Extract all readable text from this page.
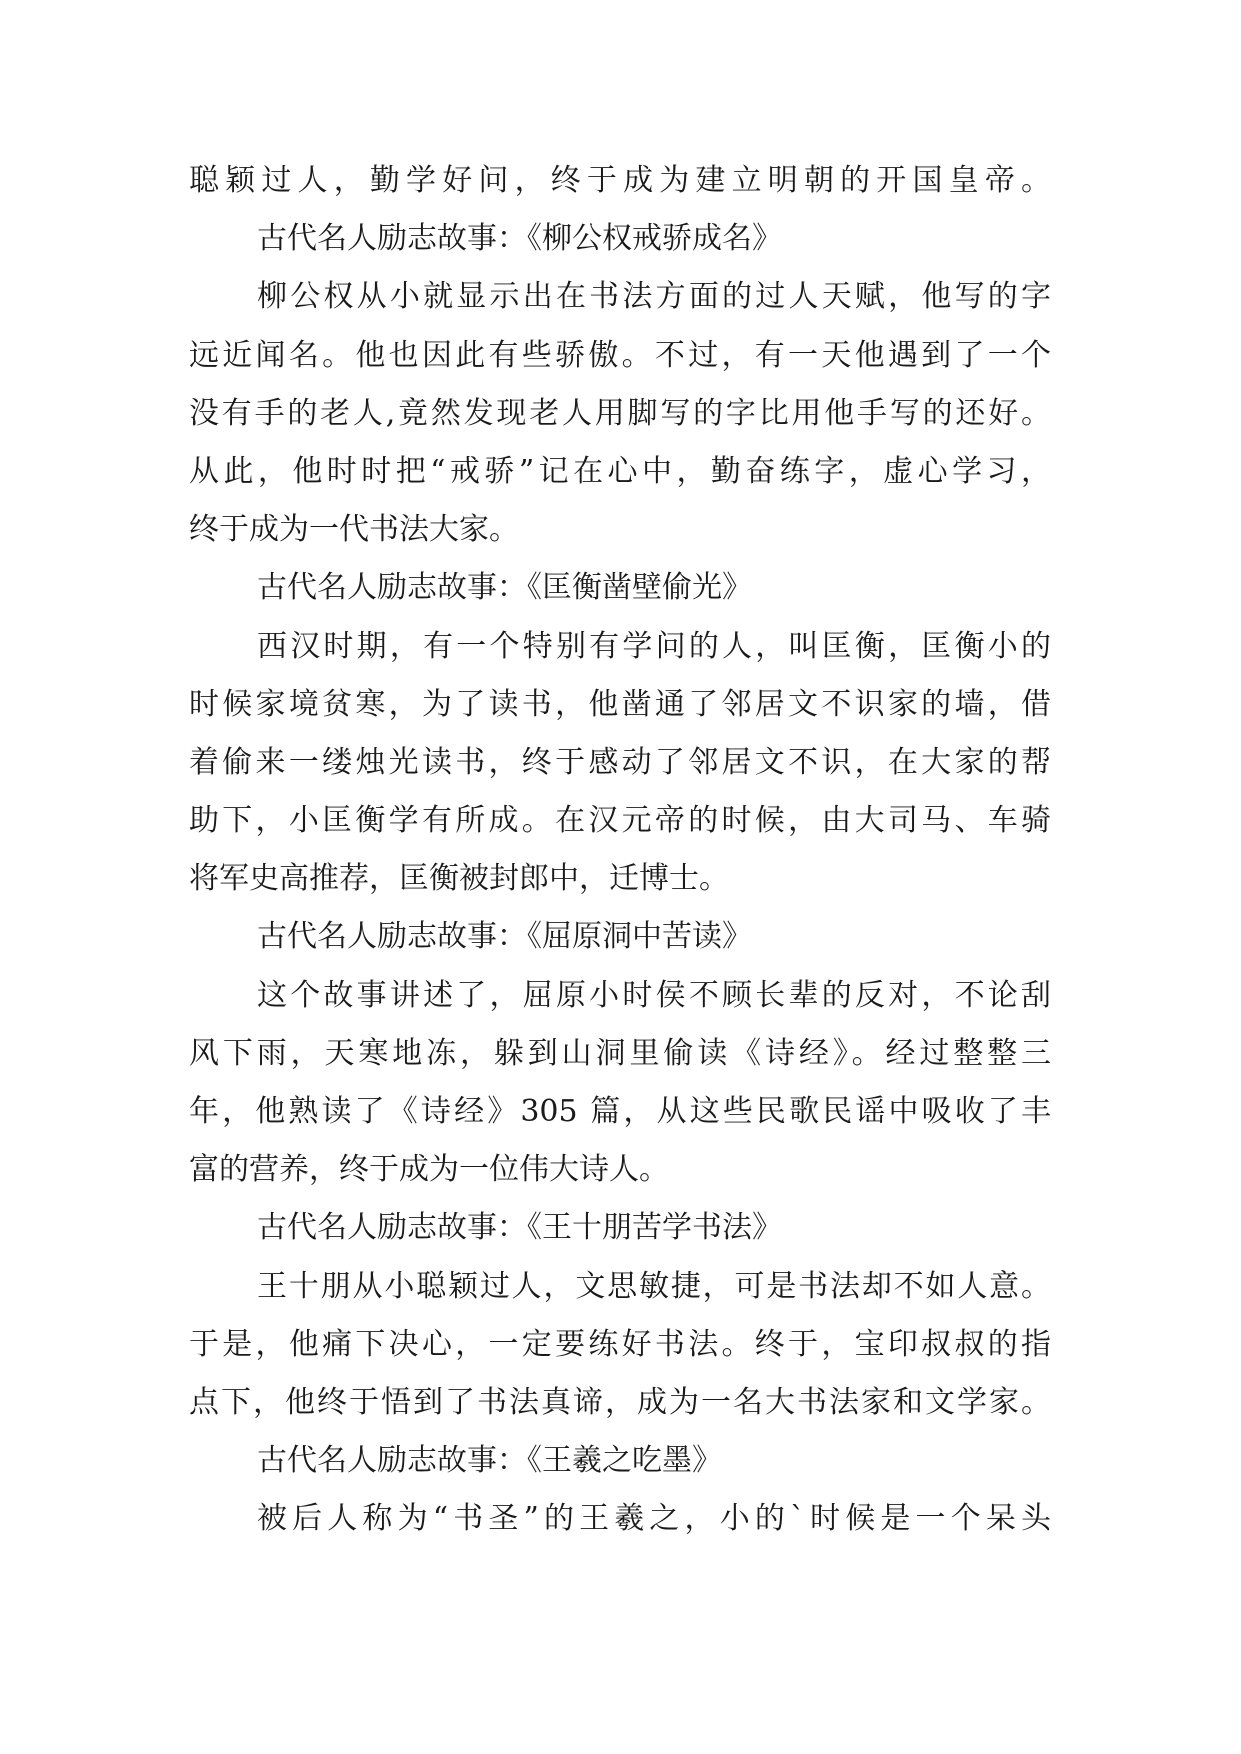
聪颖过人，勤学好问，终于成为建立明朝的开国皇帝。
古代名人励志故事：《柳公权戒骄成名》
柳公权从小就显示出在书法方面的过人天赋，他写的字
远近闻名。他也因此有些骄傲。不过，有一天他遇到了一个
没有手的老人,竟然发现老人用脚写的字比用他手写的还好。
从此，他时时把“戒骄”记在心中，勤奋练字，虚心学习，
终于成为一代书法大家。
古代名人励志故事：《匡衡凿壁偷光》
西汉时期，有一个特别有学问的人，叫匡衡，匡衡小的
时候家境贫寒，为了读书，他凿通了邻居文不识家的墙，借
着偷来一缕烛光读书，终于感动了邻居文不识，在大家的帮
助下，小匡衡学有所成。在汉元帝的时候，由大司马、车骑
将军史高推荐，匡衡被封郎中，迁博士。
古代名人励志故事：《屈原洞中苦读》
这个故事讲述了，屈原小时侯不顾长辈的反对，不论刮
风下雨，天寒地冻，躲到山洞里偷读《诗经》。经过整整三
年，他熟读了《诗经》305 篇，从这些民歌民谣中吸收了丰
富的营养，终于成为一位伟大诗人。
古代名人励志故事：《王十朋苦学书法》
王十朋从小聪颖过人，文思敏捷，可是书法却不如人意。
于是，他痛下决心，一定要练好书法。终于，宝印叔叔的指
点下，他终于悟到了书法真谛，成为一名大书法家和文学家。
古代名人励志故事：《王羲之吃墨》
被后人称为“书圣”的王羲之，小的`时候是一个呆头
